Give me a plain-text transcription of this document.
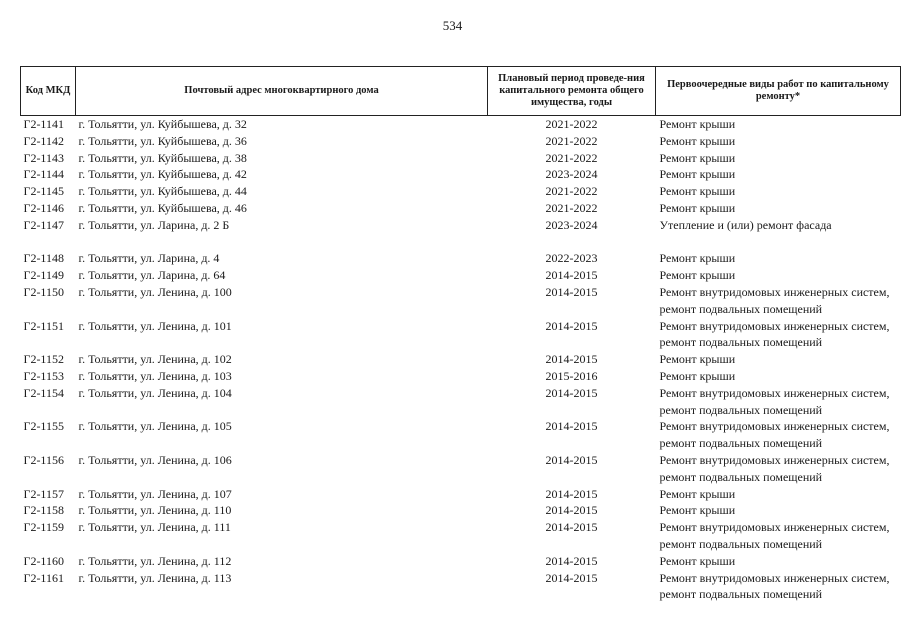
534
Код МКД	Почтовый адрес многоквартирного дома	Плановый период проведе-ния капитального ремонта общего имущества, годы	Первоочередные виды работ по капитальному ремонту*
Г2-1141	г. Тольятти, ул. Куйбышева, д. 32	2021-2022	Ремонт крыши
Г2-1142	г. Тольятти, ул. Куйбышева, д. 36	2021-2022	Ремонт крыши
Г2-1143	г. Тольятти, ул. Куйбышева, д. 38	2021-2022	Ремонт крыши
Г2-1144	г. Тольятти, ул. Куйбышева, д. 42	2023-2024	Ремонт крыши
Г2-1145	г. Тольятти, ул. Куйбышева, д. 44	2021-2022	Ремонт крыши
Г2-1146	г. Тольятти, ул. Куйбышева, д. 46	2021-2022	Ремонт крыши
Г2-1147	г. Тольятти, ул. Ларина, д. 2 Б	2023-2024	Утепление и (или) ремонт фасада
Г2-1148	г. Тольятти, ул. Ларина, д. 4	2022-2023	Ремонт крыши
Г2-1149	г. Тольятти, ул. Ларина, д. 64	2014-2015	Ремонт крыши
Г2-1150	г. Тольятти, ул. Ленина, д. 100	2014-2015	Ремонт внутридомовых инженерных систем, ремонт подвальных помещений
Г2-1151	г. Тольятти, ул. Ленина, д. 101	2014-2015	Ремонт внутридомовых инженерных систем, ремонт подвальных помещений
Г2-1152	г. Тольятти, ул. Ленина, д. 102	2014-2015	Ремонт крыши
Г2-1153	г. Тольятти, ул. Ленина, д. 103	2015-2016	Ремонт крыши
Г2-1154	г. Тольятти, ул. Ленина, д. 104	2014-2015	Ремонт внутридомовых инженерных систем, ремонт подвальных помещений
Г2-1155	г. Тольятти, ул. Ленина, д. 105	2014-2015	Ремонт внутридомовых инженерных систем, ремонт подвальных помещений
Г2-1156	г. Тольятти, ул. Ленина, д. 106	2014-2015	Ремонт внутридомовых инженерных систем, ремонт подвальных помещений
Г2-1157	г. Тольятти, ул. Ленина, д. 107	2014-2015	Ремонт крыши
Г2-1158	г. Тольятти, ул. Ленина, д. 110	2014-2015	Ремонт крыши
Г2-1159	г. Тольятти, ул. Ленина, д. 111	2014-2015	Ремонт внутридомовых инженерных систем, ремонт подвальных помещений
Г2-1160	г. Тольятти, ул. Ленина, д. 112	2014-2015	Ремонт крыши
Г2-1161	г. Тольятти, ул. Ленина, д. 113	2014-2015	Ремонт внутридомовых инженерных систем, ремонт подвальных помещений
